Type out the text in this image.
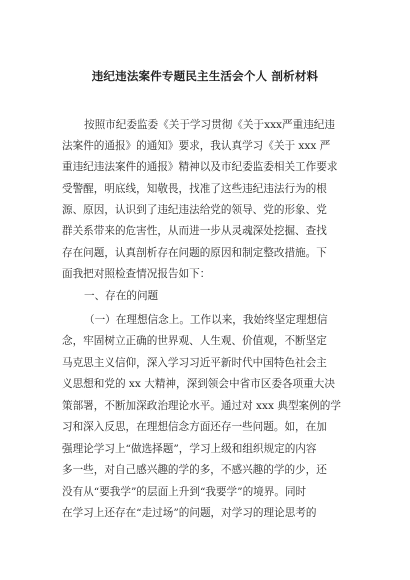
违纪违法案件专题民主生活会个人 剖析材料
按照市纪委监委《关于学习贯彻《关于xxx严重违纪违
法案件的通报》的通知》要求，我认真学习《关于 xxx 严
重违纪违法案件的通报》精神以及市纪委监委相关工作要求
受警醒，明底线，知敬畏，找准了这些违纪违法行为的根
源、原因，认识到了违纪违法给党的领导、党的形象、党
群关系带来的危害性，从而进一步从灵魂深处挖掘、查找
存在问题，认真剖析存在问题的原因和制定整改措施。下
面我把对照检查情况报告如下：
一、存在的问题
（一）在理想信念上。工作以来，我始终坚定理想信
念，牢固树立正确的世界观、人生观、价值观，不断坚定
马克思主义信仰，深入学习习近平新时代中国特色社会主
义思想和党的 xx 大精神，深到领会中省市区委各项重大决
策部署，不断加深政治理论水平。通过对 xxx 典型案例的学
习和深入反思，在理想信念方面还存一些问题。如，在加
强理论学习上“做选择题”，学习上级和组织规定的内容
多一些，对自己感兴趣的学的多，不感兴趣的学的少，还
没有从“要我学”的层面上升到“我要学”的境界。同时
在学习上还存在“走过场”的问题，对学习的理论思考的
